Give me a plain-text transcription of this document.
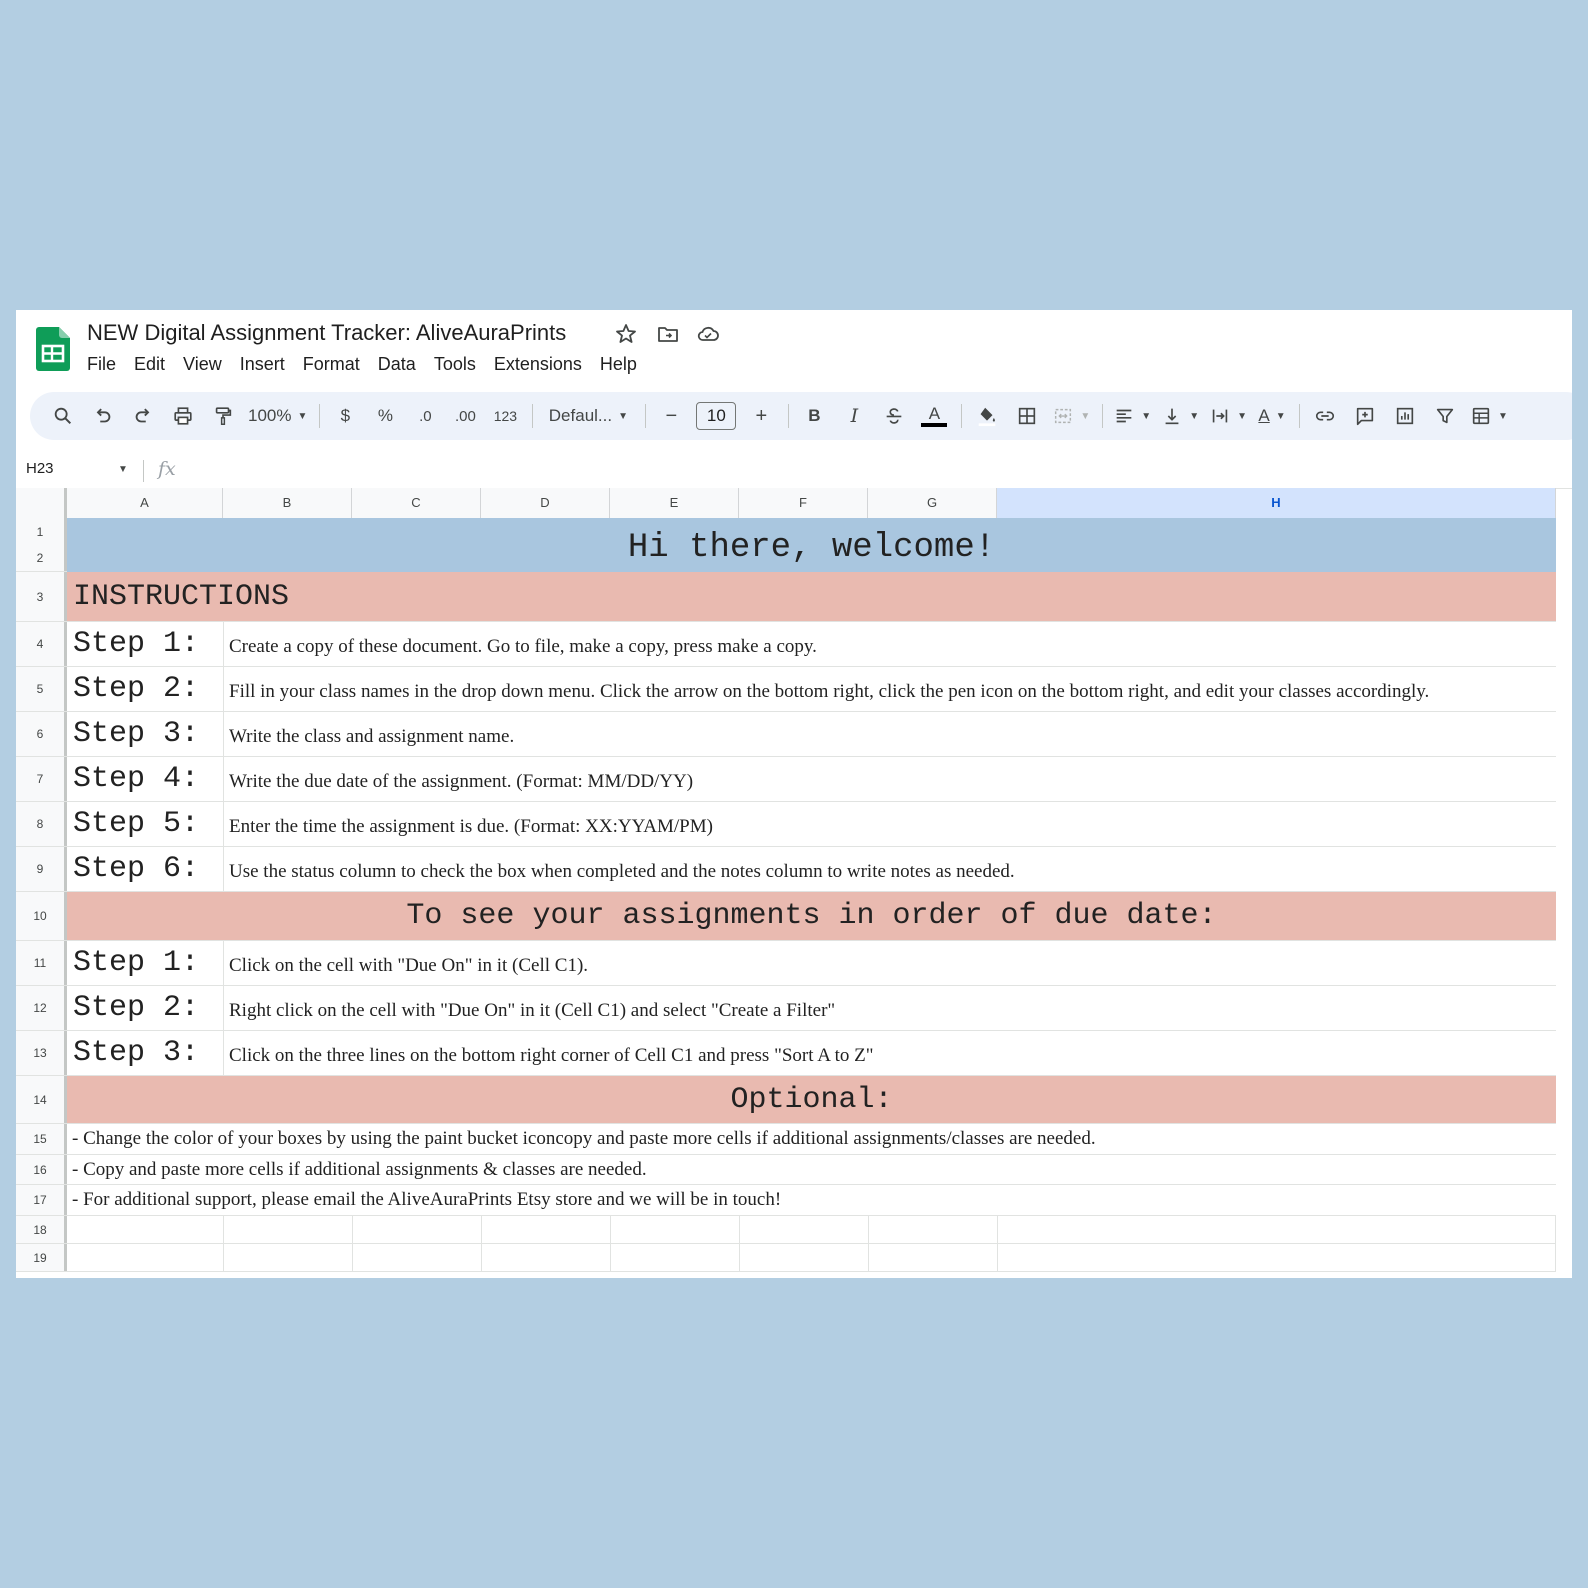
NEW Digital Assignment Tracker: AliveAuraPrints
File	Edit	View	Insert	Format	Data	Tools	Extensions	Help
100% ▼ $ % .0 .00 123 Defaul... ▼ −	10	+ B I	A	▼	▼	▼	▼ A ▼	▼
H23	▼ fx
A	B	C	D	E	F	G	H
1
2	Hi there, welcome!
3 INSTRUCTIONS
4 Step 1:	Create a copy of these document. Go to file, make a copy, press make a copy.
5 Step 2:	Fill in your class names in the drop down menu. Click the arrow on the bottom right, click the pen icon on the bottom right, and edit your classes accordingly.
6 Step 3:	Write the class and assignment name.
7 Step 4:	Write the due date of the assignment. (Format: MM/DD/YY)
8 Step 5:	Enter the time the assignment is due. (Format: XX:YYAM/PM)
9 Step 6:	Use the status column to check the box when completed and the notes column to write notes as needed.
10	To see your assignments in order of due date:
11 Step 1:	Click on the cell with "Due On" in it (Cell C1).
12 Step 2:	Right click on the cell with "Due On" in it (Cell C1) and select "Create a Filter"
13 Step 3:	Click on the three lines on the bottom right corner of Cell C1 and press "Sort A to Z"
14	Optional:
15	- Change the color of your boxes by using the paint bucket iconcopy and paste more cells if additional assignments/classes are needed.
16	- Copy and paste more cells if additional assignments & classes are needed.
17	- For additional support, please email the AliveAuraPrints Etsy store and we will be in touch!
18
19
